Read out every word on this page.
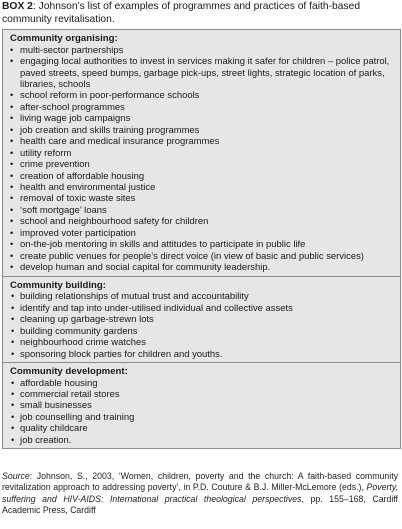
BOX 2: Johnson’s list of examples of programmes and practices of faith-based community revitalisation.
Community organising:
• multi-sector partnerships
• engaging local authorities to invest in services making it safer for children – police patrol, paved streets, speed bumps, garbage pick-ups, street lights, strategic location of parks, libraries, schools
• school reform in poor-performance schools
• after-school programmes
• living wage job campaigns
• job creation and skills training programmes
• health care and medical insurance programmes
• utility reform
• crime prevention
• creation of affordable housing
• health and environmental justice
• removal of toxic waste sites
• ‘soft mortgage’ loans
• school and neighbourhood safety for children
• improved voter participation
• on-the-job mentoring in skills and attitudes to participate in public life
• create public venues for people’s direct voice (in view of basic and public services)
• develop human and social capital for community leadership.
Community building:
• building relationships of mutual trust and accountability
• identify and tap into under-utilised individual and collective assets
• cleaning up garbage-strewn lots
• building community gardens
• neighbourhood crime watches
• sponsoring block parties for children and youths.
Community development:
• affordable housing
• commercial retail stores
• small businesses
• job counselling and training
• quality childcare
• job creation.
Source: Johnson, S., 2003, ‘Women, children, poverty and the church: A faith-based community revitalization approach to addressing poverty’, in P.D. Couture & B.J. Miller-McLemore (eds.), Poverty, suffering and HIV-AIDS: International practical theological perspectives, pp. 155–168, Cardiff Academic Press, Cardiff
